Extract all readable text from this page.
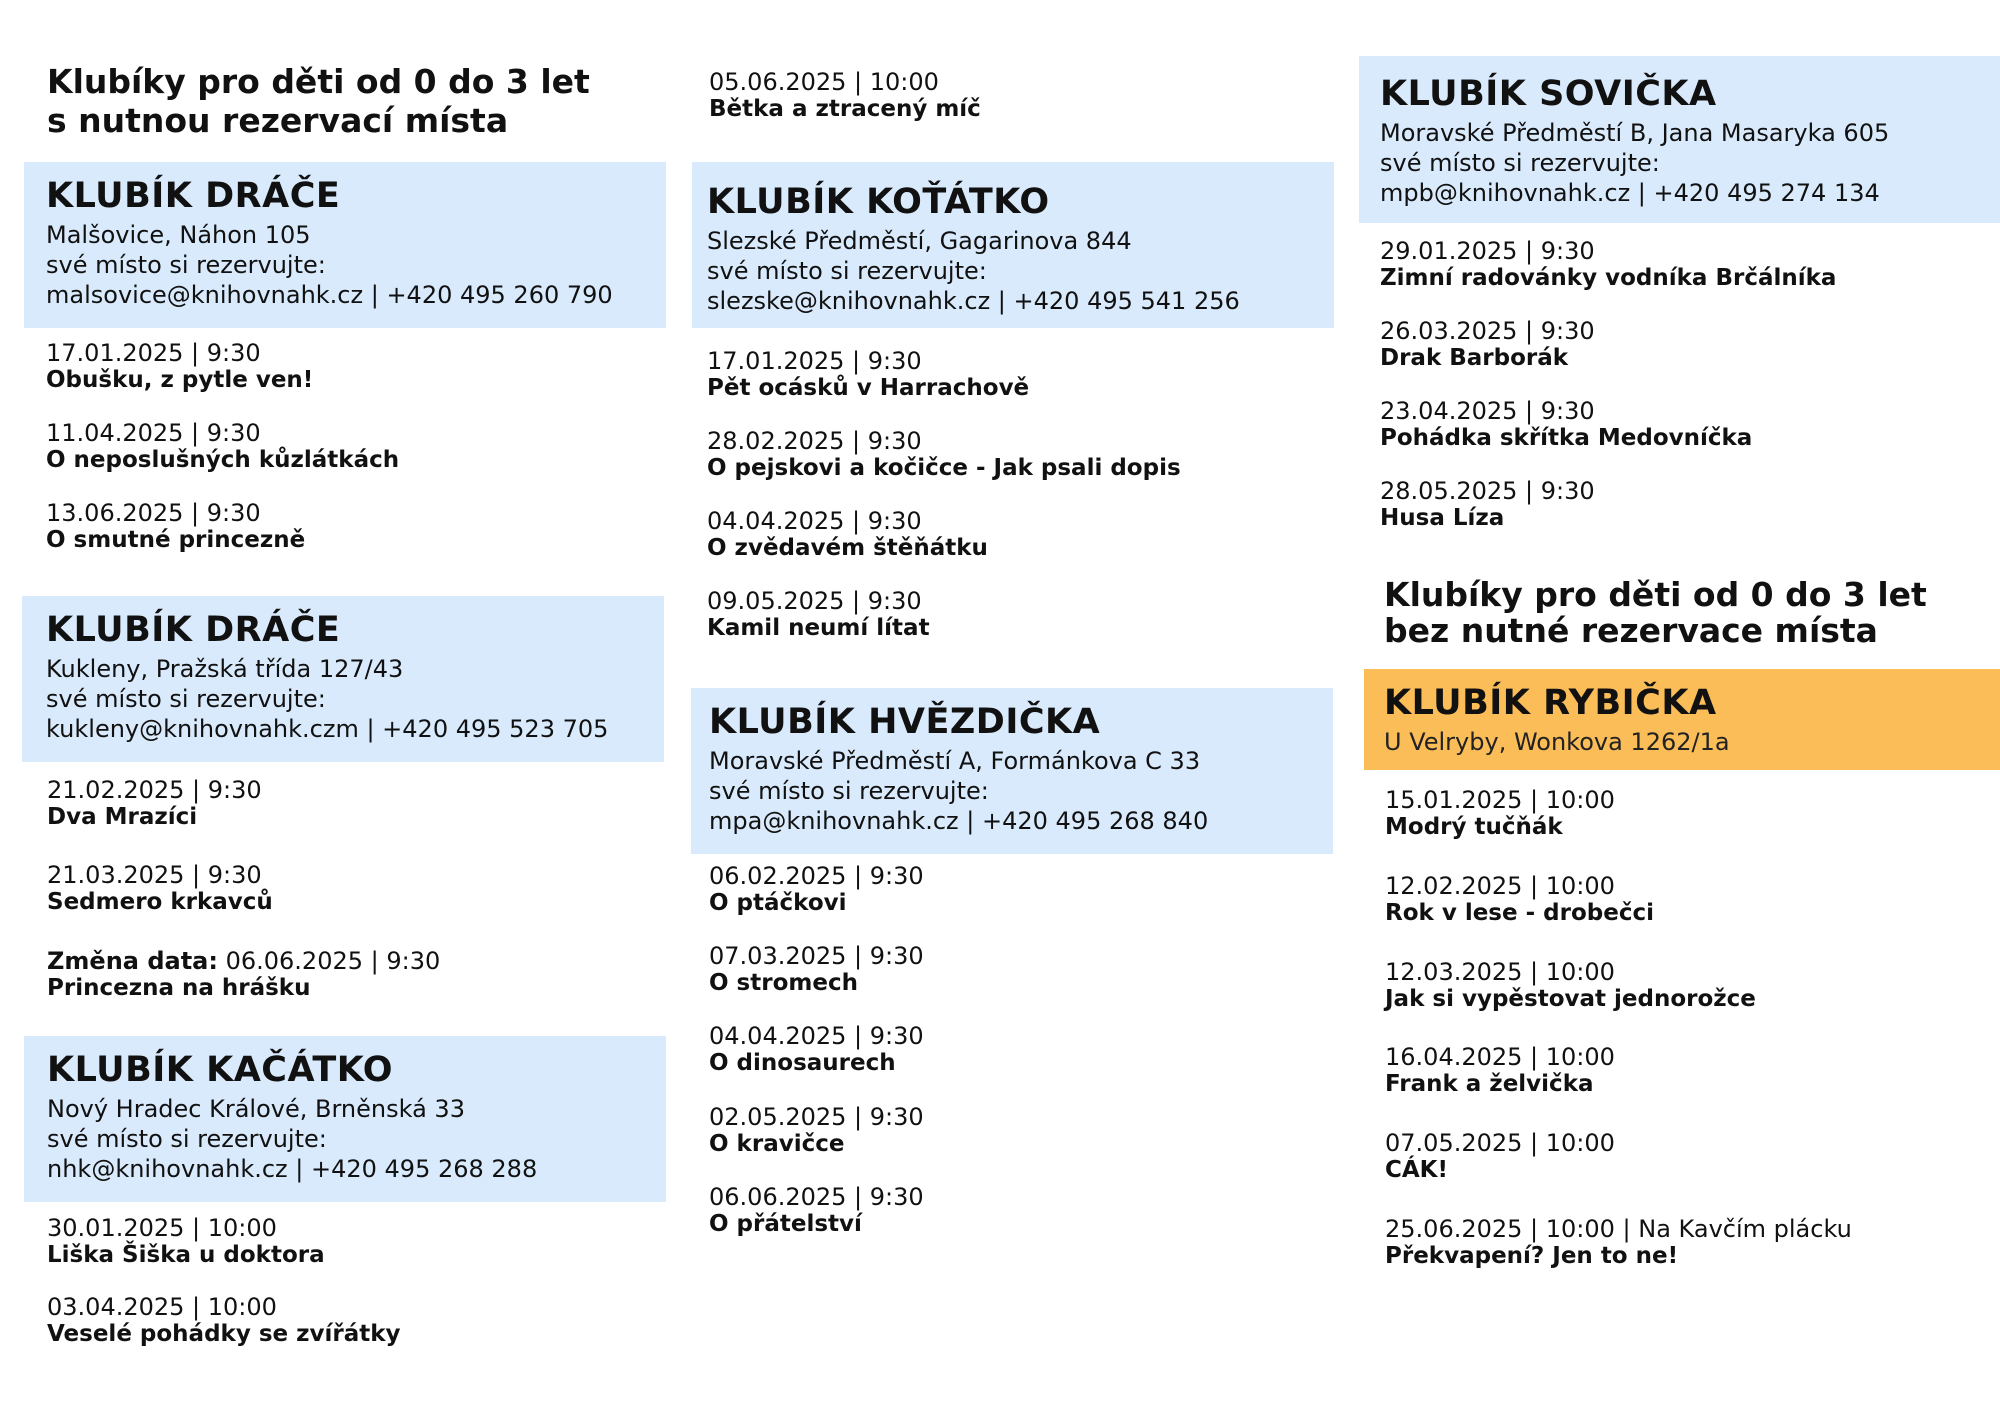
Klubíky pro děti od 0 do 3 let
s nutnou rezervací místa
KLUBÍK DRÁČE
Malšovice, Náhon 105
své místo si rezervujte:
malsovice@knihovnahk.cz | +420 495 260 790
17.01.2025 | 9:30
Obušku, z pytle ven!
11.04.2025 | 9:30
O neposlušných kůzlátkách
13.06.2025 | 9:30
O smutné princezně
KLUBÍK DRÁČE
Kukleny, Pražská třída 127/43
své místo si rezervujte:
kukleny@knihovnahk.czm | +420 495 523 705
21.02.2025 | 9:30
Dva Mrazíci
21.03.2025 | 9:30
Sedmero krkavců
Změna data: 06.06.2025 | 9:30
Princezna na hrášku
KLUBÍK KAČÁTKO
Nový Hradec Králové, Brněnská 33
své místo si rezervujte:
nhk@knihovnahk.cz | +420 495 268 288
30.01.2025 | 10:00
Liška Šiška u doktora
03.04.2025 | 10:00
Veselé pohádky se zvířátky
05.06.2025 | 10:00
Bětka a ztracený míč
KLUBÍK KOŤÁTKO
Slezské Předměstí, Gagarinova 844
své místo si rezervujte:
slezske@knihovnahk.cz | +420 495 541 256
17.01.2025 | 9:30
Pět ocásků v Harrachově
28.02.2025 | 9:30
O pejskovi a kočičce - Jak psali dopis
04.04.2025 | 9:30
O zvědavém štěňátku
09.05.2025 | 9:30
Kamil neumí lítat
KLUBÍK HVĚZDIČKA
Moravské Předměstí A, Formánkova C 33
své místo si rezervujte:
mpa@knihovnahk.cz | +420 495 268 840
06.02.2025 | 9:30
O ptáčkovi
07.03.2025 | 9:30
O stromech
04.04.2025 | 9:30
O dinosaurech
02.05.2025 | 9:30
O kravičce
06.06.2025 | 9:30
O přátelství
KLUBÍK SOVIČKA
Moravské Předměstí B, Jana Masaryka 605
své místo si rezervujte:
mpb@knihovnahk.cz | +420 495 274 134
29.01.2025 | 9:30
Zimní radovánky vodníka Brčálníka
26.03.2025 | 9:30
Drak Barborák
23.04.2025 | 9:30
Pohádka skřítka Medovníčka
28.05.2025 | 9:30
Husa Líza
Klubíky pro děti od 0 do 3 let
bez nutné rezervace místa
KLUBÍK RYBIČKA
U Velryby, Wonkova 1262/1a
15.01.2025 | 10:00
Modrý tučňák
12.02.2025 | 10:00
Rok v lese - drobečci
12.03.2025 | 10:00
Jak si vypěstovat jednorožce
16.04.2025 | 10:00
Frank a želvička
07.05.2025 | 10:00
CÁK!
25.06.2025 | 10:00 | Na Kavčím plácku
Překvapení? Jen to ne!
